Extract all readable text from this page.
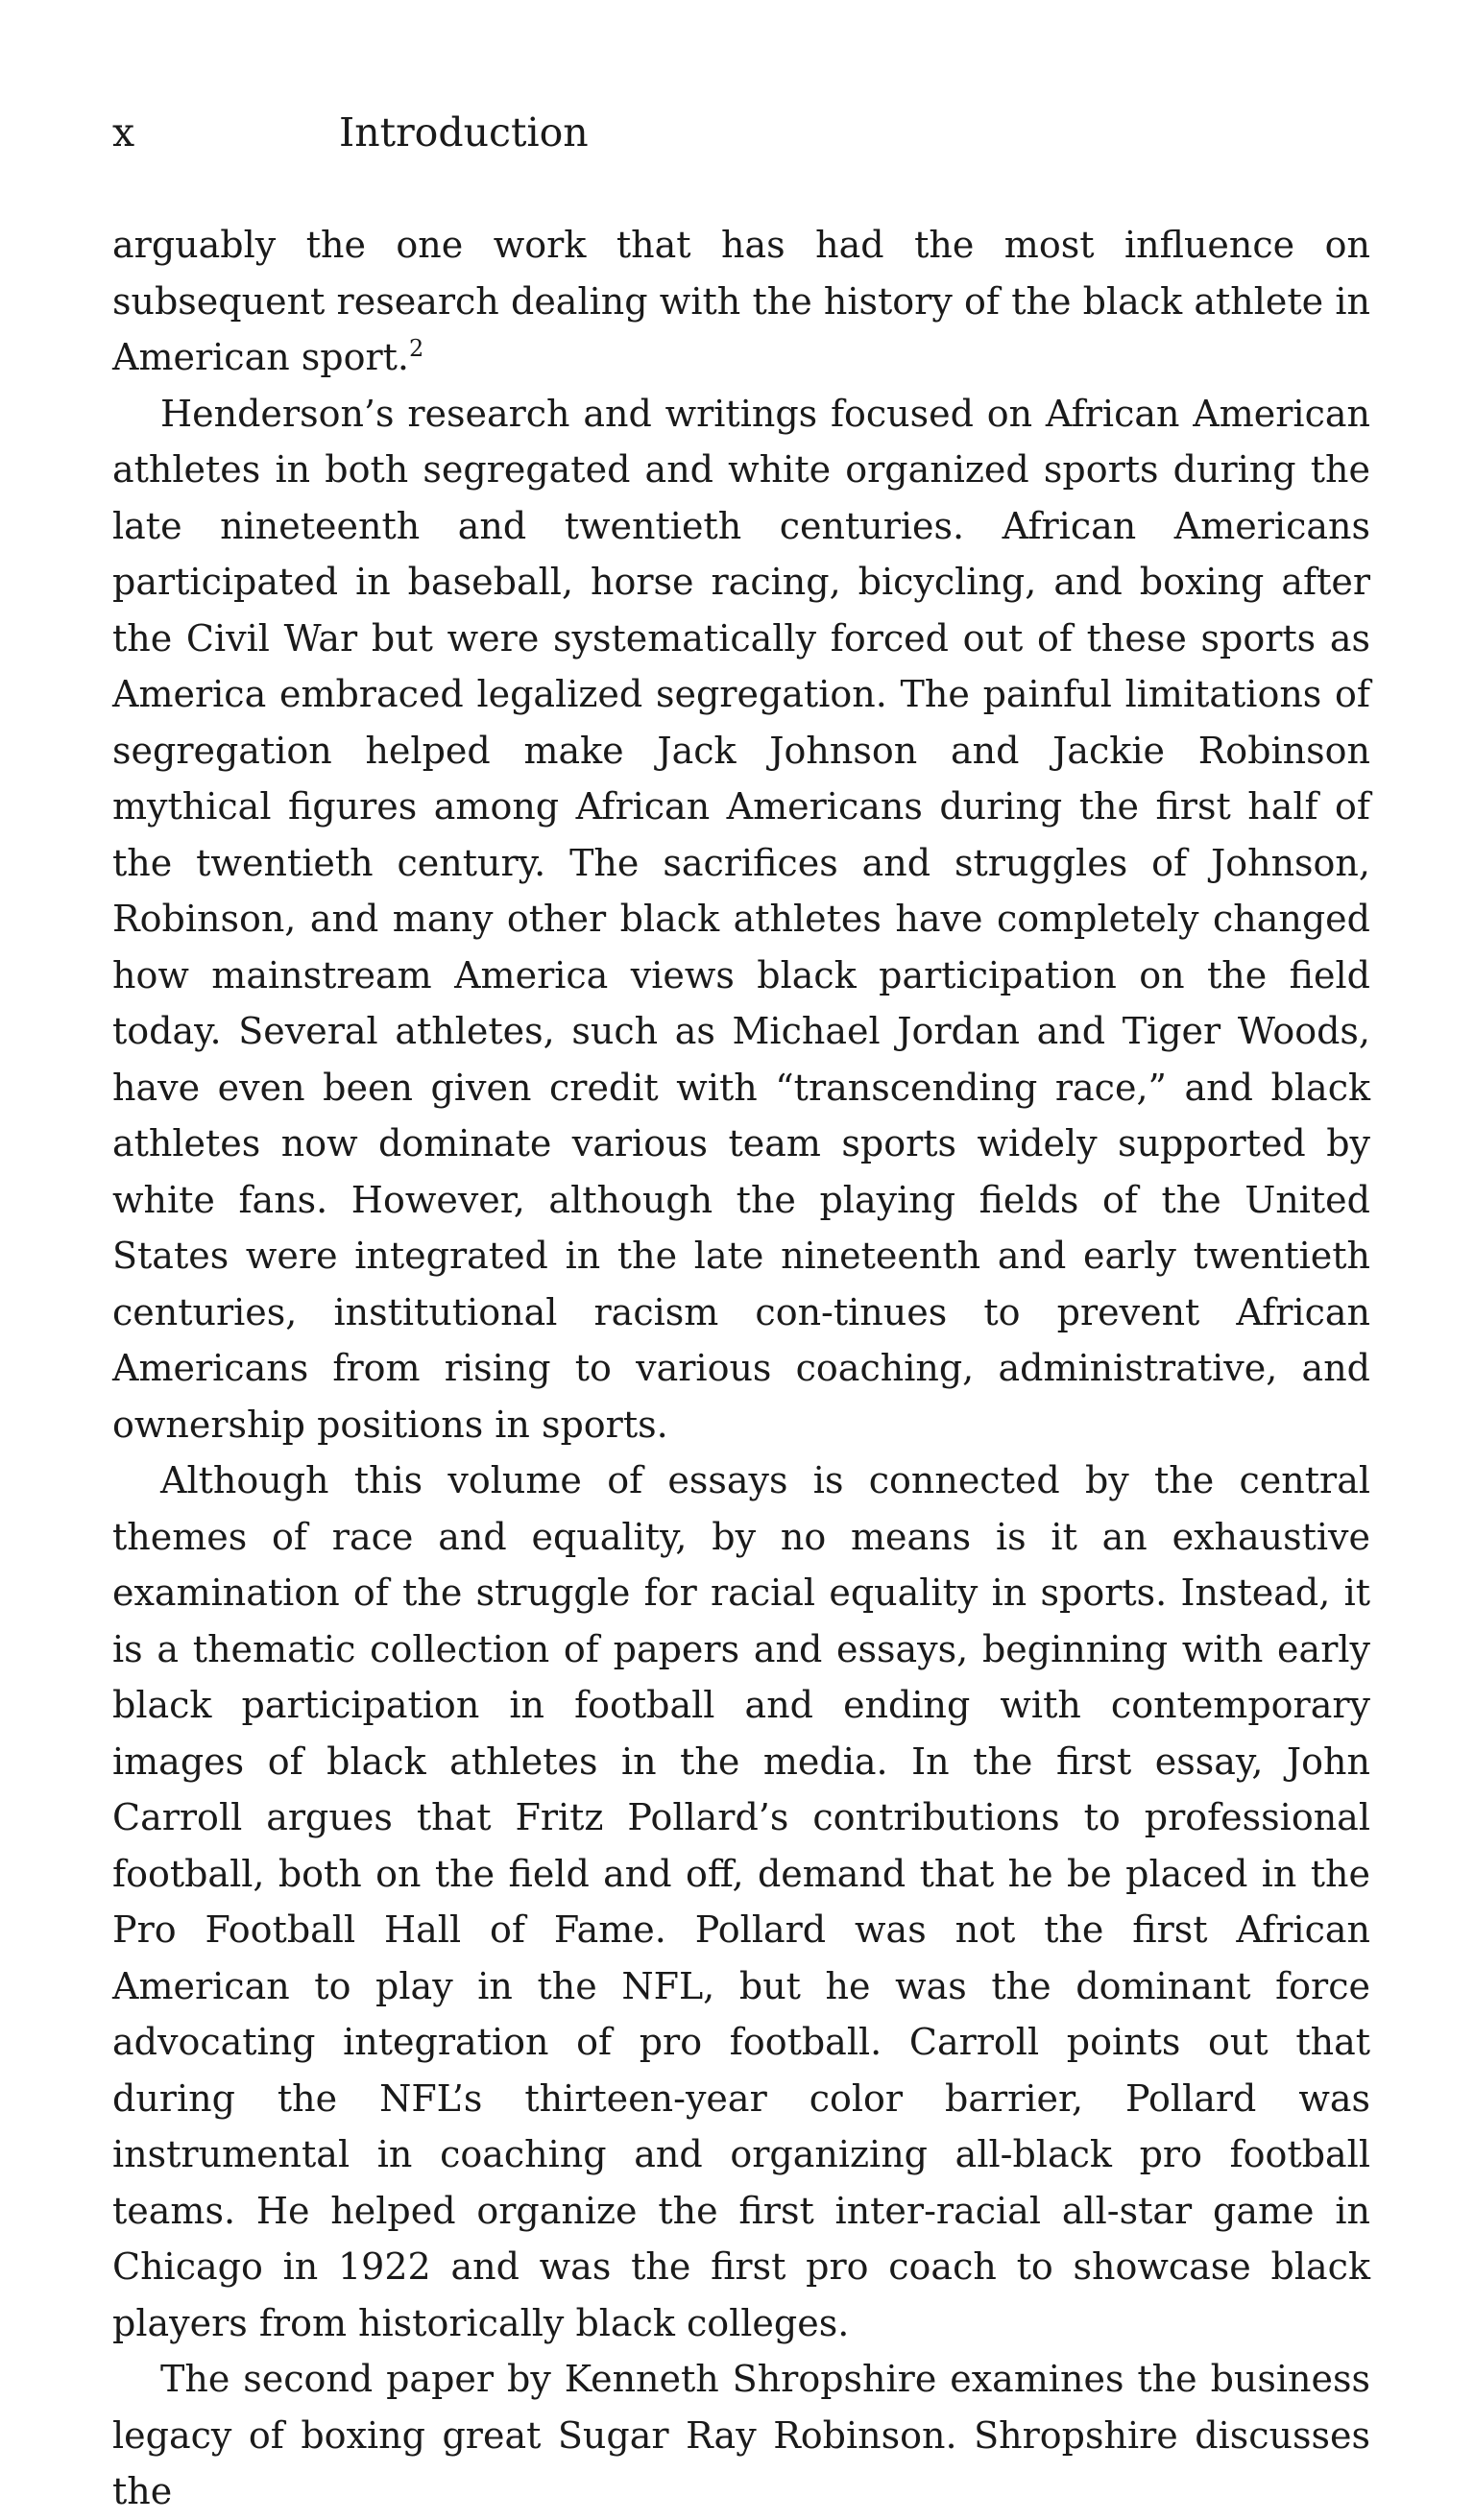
x	Introduction

arguably the one work that has had the most influence on subsequent research dealing with the history of the black athlete in American sport.$^2$

Henderson’s research and writings focused on African American athletes in both segregated and white organized sports during the late nineteenth and twentieth centuries. African Americans participated in baseball, horse racing, bicycling, and boxing after the Civil War but were systematically forced out of these sports as America embraced legalized segregation. The painful limitations of segregation helped make Jack Johnson and Jackie Robinson mythical figures among African Americans during the first half of the twentieth century. The sacrifices and struggles of Johnson, Robinson, and many other black athletes have completely changed how mainstream America views black participation on the field today. Several athletes, such as Michael Jordan and Tiger Woods, have even been given credit with “transcending race,” and black athletes now dominate various team sports widely supported by white fans. However, although the playing fields of the United States were integrated in the late nineteenth and early twentieth centuries, institutional racism con-tinues to prevent African Americans from rising to various coaching, administrative, and ownership positions in sports.

Although this volume of essays is connected by the central themes of race and equality, by no means is it an exhaustive examination of the struggle for racial equality in sports. Instead, it is a thematic collection of papers and essays, beginning with early black participation in football and ending with contemporary images of black athletes in the media. In the first essay, John Carroll argues that Fritz Pollard’s contributions to professional football, both on the field and off, demand that he be placed in the Pro Football Hall of Fame. Pollard was not the first African American to play in the NFL, but he was the dominant force advocating integration of pro football. Carroll points out that during the NFL’s thirteen-year color barrier, Pollard was instrumental in coaching and organizing all-black pro football teams. He helped organize the first inter-racial all-star game in Chicago in 1922 and was the first pro coach to showcase black players from historically black colleges.

The second paper by Kenneth Shropshire examines the business legacy of boxing great Sugar Ray Robinson. Shropshire discusses the
